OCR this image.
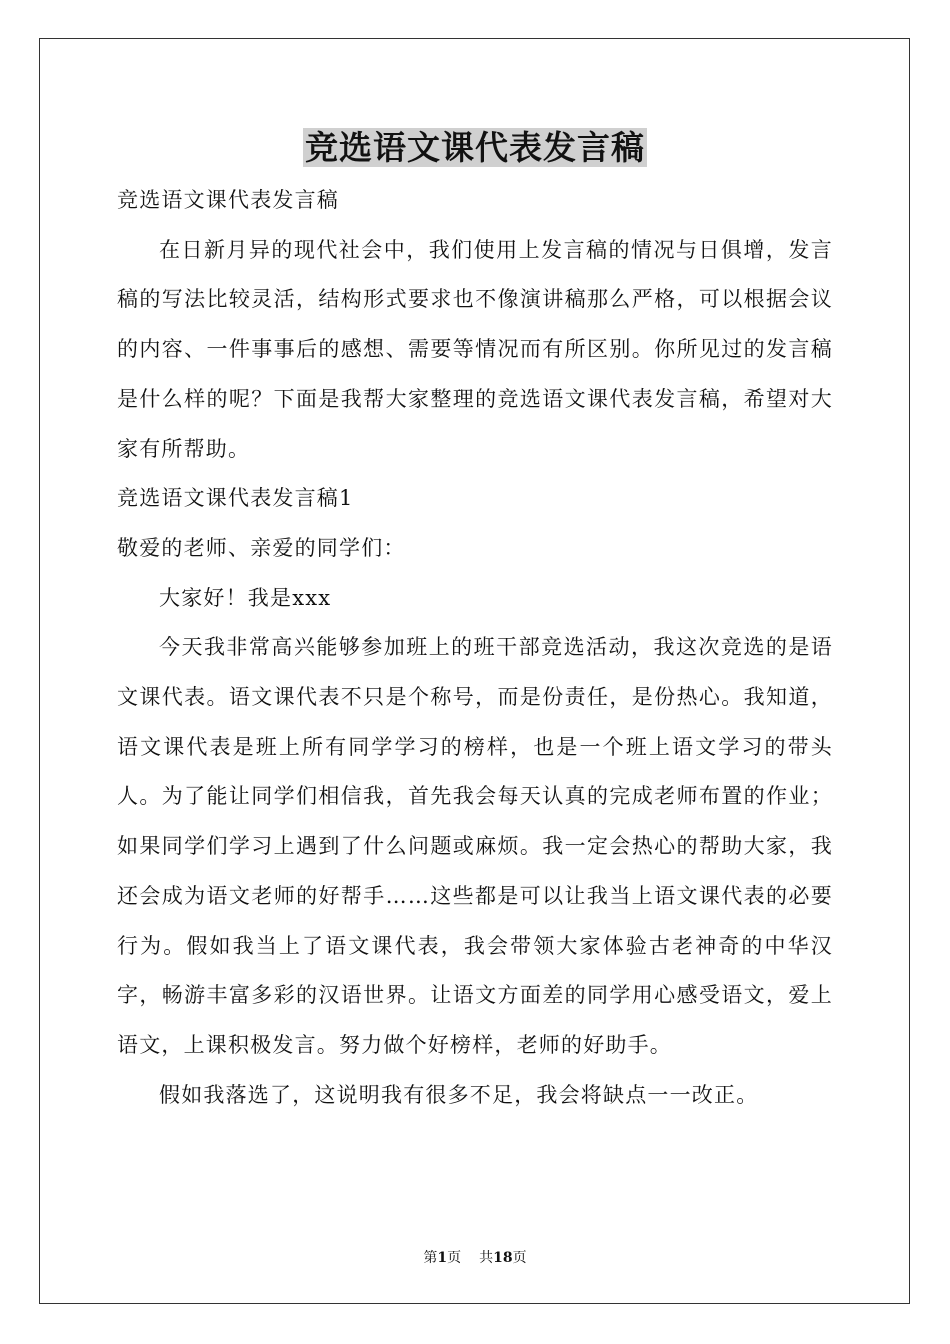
竞选语文课代表发言稿

竞选语文课代表发言稿

在日新月异的现代社会中，我们使用上发言稿的情况与日俱增，发言稿的写法比较灵活，结构形式要求也不像演讲稿那么严格，可以根据会议的内容、一件事事后的感想、需要等情况而有所区别。你所见过的发言稿是什么样的呢？下面是我帮大家整理的竞选语文课代表发言稿，希望对大家有所帮助。

竞选语文课代表发言稿1

敬爱的老师、亲爱的同学们：

大家好！我是xxx

今天我非常高兴能够参加班上的班干部竞选活动，我这次竞选的是语文课代表。语文课代表不只是个称号，而是份责任，是份热心。我知道，语文课代表是班上所有同学学习的榜样，也是一个班上语文学习的带头人。为了能让同学们相信我，首先我会每天认真的完成老师布置的作业；如果同学们学习上遇到了什么问题或麻烦。我一定会热心的帮助大家，我还会成为语文老师的好帮手……这些都是可以让我当上语文课代表的必要行为。假如我当上了语文课代表，我会带领大家体验古老神奇的中华汉字，畅游丰富多彩的汉语世界。让语文方面差的同学用心感受语文，爱上语文，上课积极发言。努力做个好榜样，老师的好助手。

假如我落选了，这说明我有很多不足，我会将缺点一一改正。

第1页 共18页
